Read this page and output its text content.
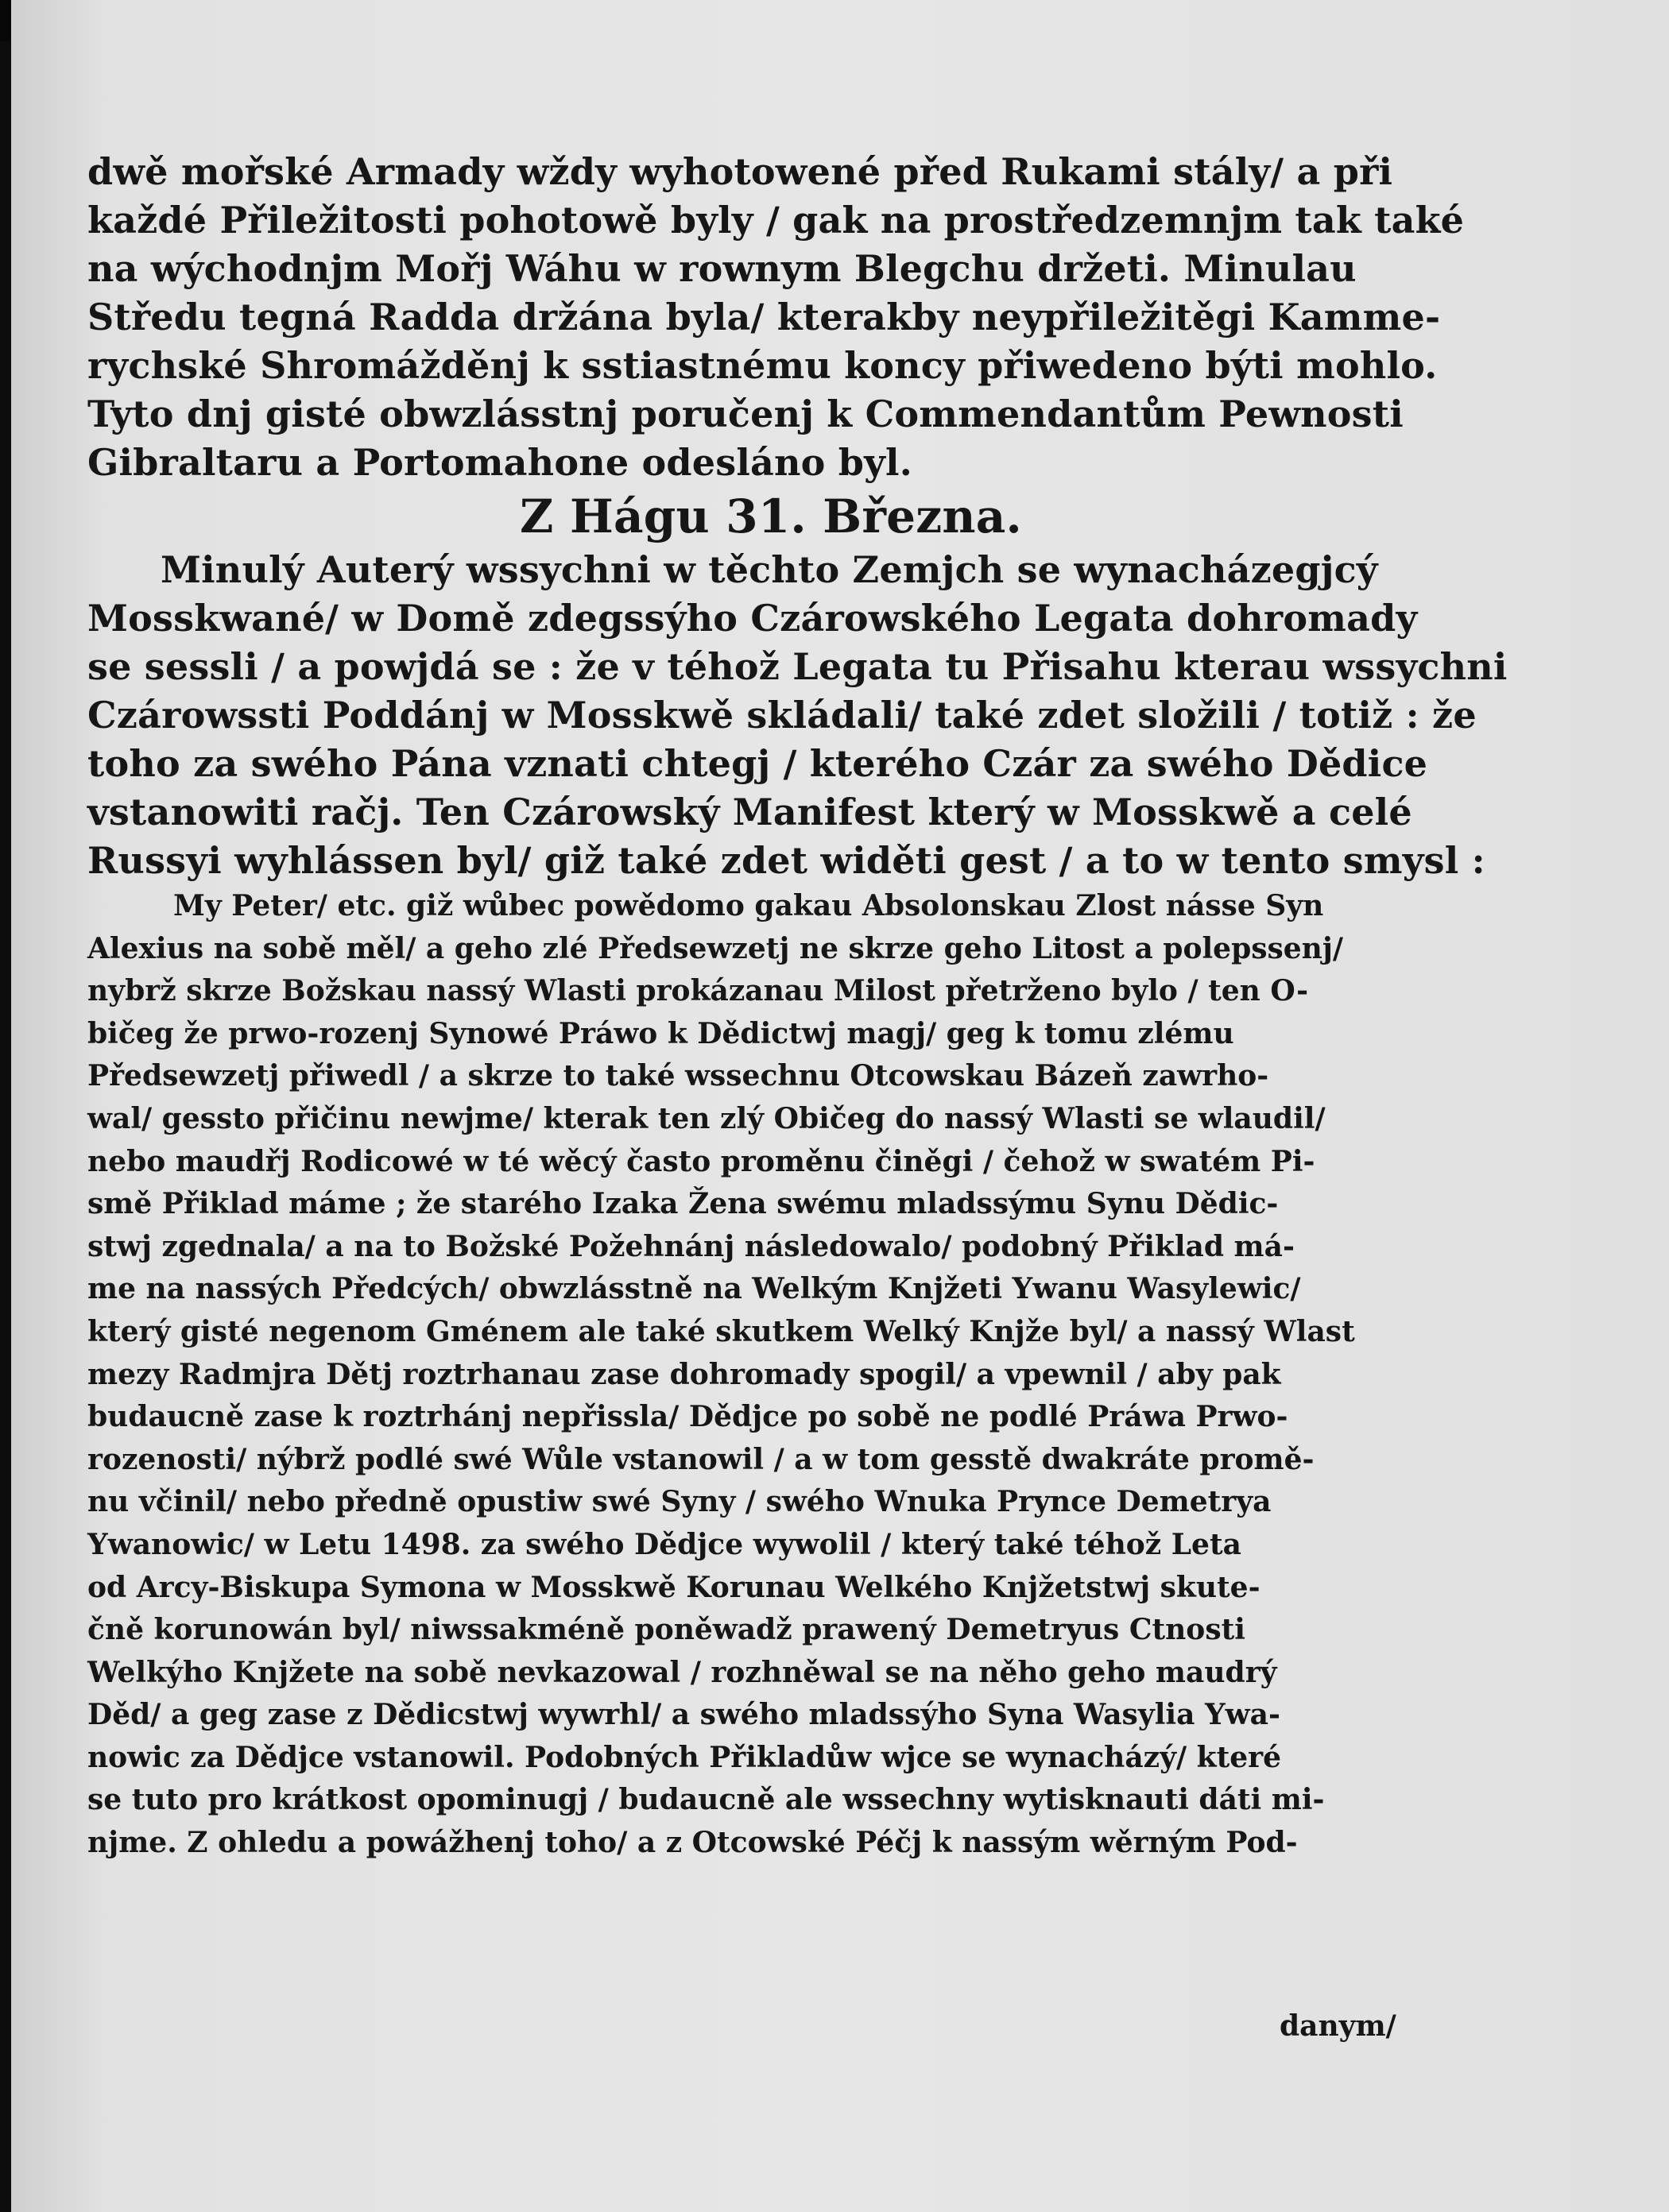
dwě mořské Armady wždy wyhotowené před Rukami stály/ a při
každé Přiležitosti pohotowě byly / gak na prostředzemnjm tak také
na wýchodnjm Mořj Wáhu w rownym Blegchu držeti. Minulau
Středu tegná Radda držána byla/ kterakby neypřiležitěgi Kamme-
rychské Shromážděnj k sstiastnému koncy přiwedeno býti mohlo.
Tyto dnj gisté obwzlásstnj poručenj k Commendantům Pewnosti
Gibraltaru a Portomahone odesláno byl.
Z Hágu 31. Března.
Minulý Auterý wssychni w těchto Zemjch se wynacházegjcý
Mosskwané/ w Domě zdegssýho Czárowského Legata dohromady
se sessli / a powjdá se : že v téhož Legata tu Přisahu kterau wssychni
Czárowssti Poddánj w Mosskwě skládali/ také zdet složili / totiž : že
toho za swého Pána vznati chtegj / kterého Czár za swého Dědice
vstanowiti račj. Ten Czárowský Manifest který w Mosskwě a celé
Russyi wyhlássen byl/ giž také zdet widěti gest / a to w tento smysl :
My Peter/ etc. giž wůbec powědomo gakau Absolonskau Zlost násse Syn
Alexius na sobě měl/ a geho zlé Předsewzetj ne skrze geho Litost a polepssenj/
nybrž skrze Božskau nassý Wlasti prokázanau Milost přetrženo bylo / ten O-
bičeg že prwo-rozenj Synowé Práwo k Dědictwj magj/ geg k tomu zlému
Předsewzetj přiwedl / a skrze to také wssechnu Otcowskau Bázeň zawrho-
wal/ gessto přičinu newjme/ kterak ten zlý Običeg do nassý Wlasti se wlaudil/
nebo maudřj Rodicowé w té wěcý často proměnu činěgi / čehož w swatém Pi-
smě Přiklad máme ; že starého Izaka Žena swému mladssýmu Synu Dědic-
stwj zgednala/ a na to Božské Požehnánj následowalo/ podobný Přiklad má-
me na nassých Předcých/ obwzlásstně na Welkým Knjžeti Ywanu Wasylewic/
který gisté negenom Gménem ale také skutkem Welký Knjže byl/ a nassý Wlast
mezy Radmjra Dětj roztrhanau zase dohromady spogil/ a vpewnil / aby pak
budaucně zase k roztrhánj nepřissla/ Dědjce po sobě ne podlé Práwa Prwo-
rozenosti/ nýbrž podlé swé Wůle vstanowil / a w tom gesstě dwakráte promě-
nu včinil/ nebo předně opustiw swé Syny / swého Wnuka Pryncе Demetrya
Ywanowic/ w Letu 1498. za swého Dědjce wywolil / který také téhož Leta
od Arcy-Biskupa Symona w Mosskwě Korunau Welkého Knjžetstwj skute-
čně korunowán byl/ niwssakméně poněwadž prawený Demetryus Ctnosti
Welkýho Knjžete na sobě nevkazowal / rozhněwal se na něho geho maudrý
Děd/ a geg zase z Dědicstwj wywrhl/ a swého mladssýho Syna Wasylia Ywa-
nowic za Dědjce vstanowil. Podobných Přikladůw wjce se wynacházý/ které
se tuto pro krátkost opominugj / budaucně ale wssechny wytisknauti dáti mi-
njme. Z ohledu a powážhenj toho/ a z Otcowské Péčj k nassým wěrným Pod-
danym/
